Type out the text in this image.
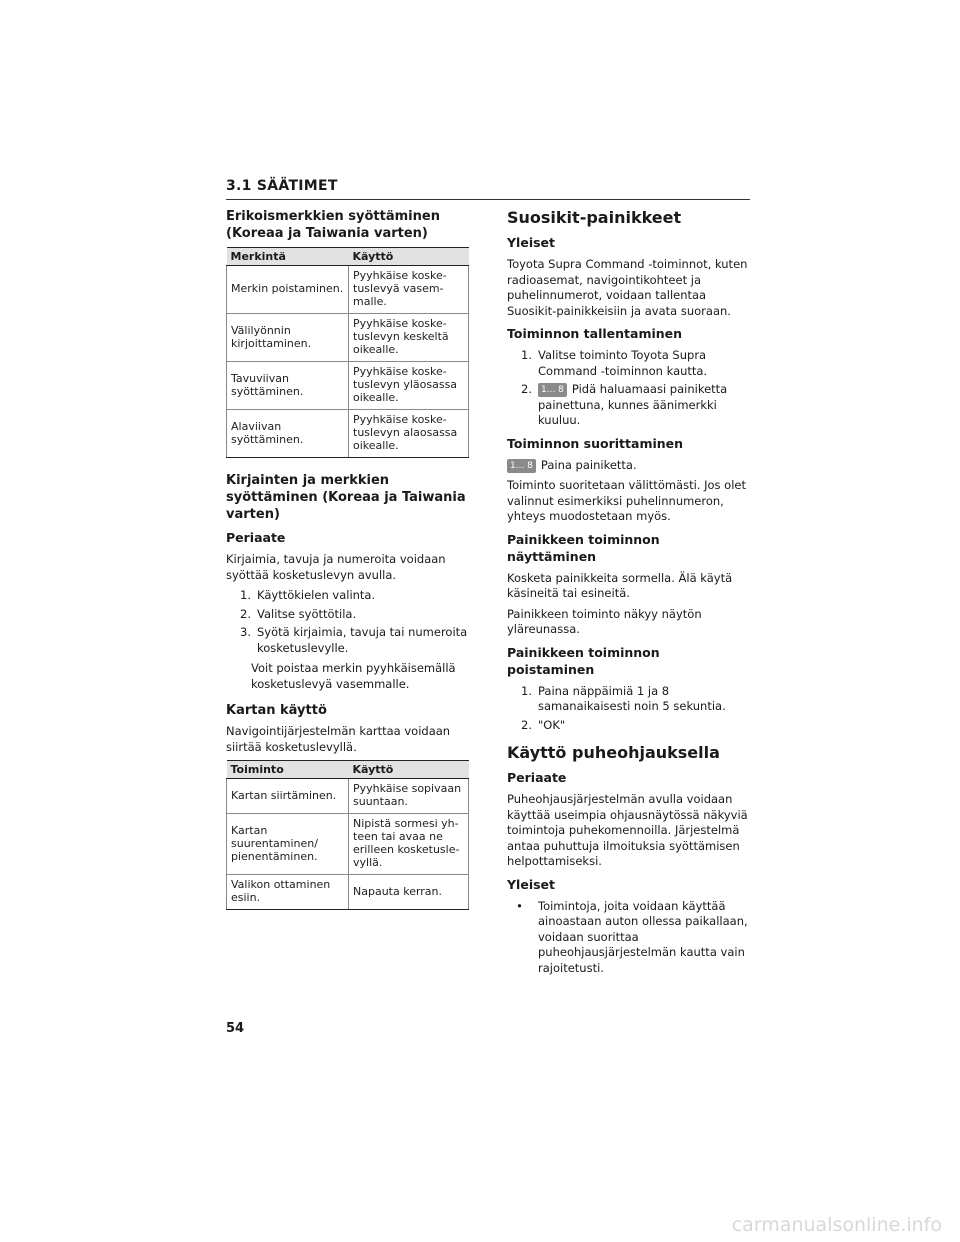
3.1 SÄÄTIMET
Erikoismerkkien syöttäminen (Koreaa ja Taiwania varten)
Merkintä	Käyttö
Merkin poistaminen.	Pyyhkäise koske-tuslevyä vasem-malle.
Välilyönnin kirjoittaminen.	Pyyhkäise koske-tuslevyn keskeltä oikealle.
Tavuviivan syöttäminen.	Pyyhkäise koske-tuslevyn yläosassa oikealle.
Alaviivan syöttäminen.	Pyyhkäise koske-tuslevyn alaosassa oikealle.
Kirjainten ja merkkien syöttäminen (Koreaa ja Taiwania varten)
Periaate
Kirjaimia, tavuja ja numeroita voidaan syöttää kosketuslevyn avulla.
1. Käyttökielen valinta.
2. Valitse syöttötila.
3. Syötä kirjaimia, tavuja tai numeroita kosketuslevylle.
Voit poistaa merkin pyyhkäisemällä kosketuslevyä vasemmalle.
Kartan käyttö
Navigointijärjestelmän karttaa voidaan siirtää kosketuslevyllä.
Toiminto	Käyttö
Kartan siirtäminen.	Pyyhkäise sopivaan suuntaan.
Kartan suurentaminen/ pienentäminen.	Nipistä sormesi yh-teen tai avaa ne erilleen kosketusle-vyllä.
Valikon ottaminen esiin.	Napauta kerran.
Suosikit-painikkeet
Yleiset
Toyota Supra Command -toiminnot, kuten radioasemat, navigointikohteet ja puhelinnumerot, voidaan tallentaa Suosikit-painikkeisiin ja avata suoraan.
Toiminnon tallentaminen
1. Valitse toiminto Toyota Supra Command -toiminnon kautta.
2.	1... 8 Pidä haluamaasi painiketta painettuna, kunnes äänimerkki kuuluu.
Toiminnon suorittaminen
1... 8 Paina painiketta.
Toiminto suoritetaan välittömästi. Jos olet valinnut esimerkiksi puhelinnumeron, yhteys muodostetaan myös.
Painikkeen toiminnon näyttäminen
Kosketa painikkeita sormella. Älä käytä käsineitä tai esineitä.
Painikkeen toiminto näkyy näytön yläreunassa.
Painikkeen toiminnon poistaminen
1. Paina näppäimiä 1 ja 8 samanaikaisesti noin 5 sekuntia.
2. "OK"
Käyttö puheohjauksella
Periaate
Puheohjausjärjestelmän avulla voidaan käyttää useimpia ohjausnäytössä näkyviä toimintoja puhekomennoilla. Järjestelmä antaa puhuttuja ilmoituksia syöttämisen helpottamiseksi.
Yleiset
•	Toimintoja, joita voidaan käyttää ainoastaan auton ollessa paikallaan, voidaan suorittaa puheohjausjärjestelmän kautta vain rajoitetusti.
54
carmanualsonline.info
